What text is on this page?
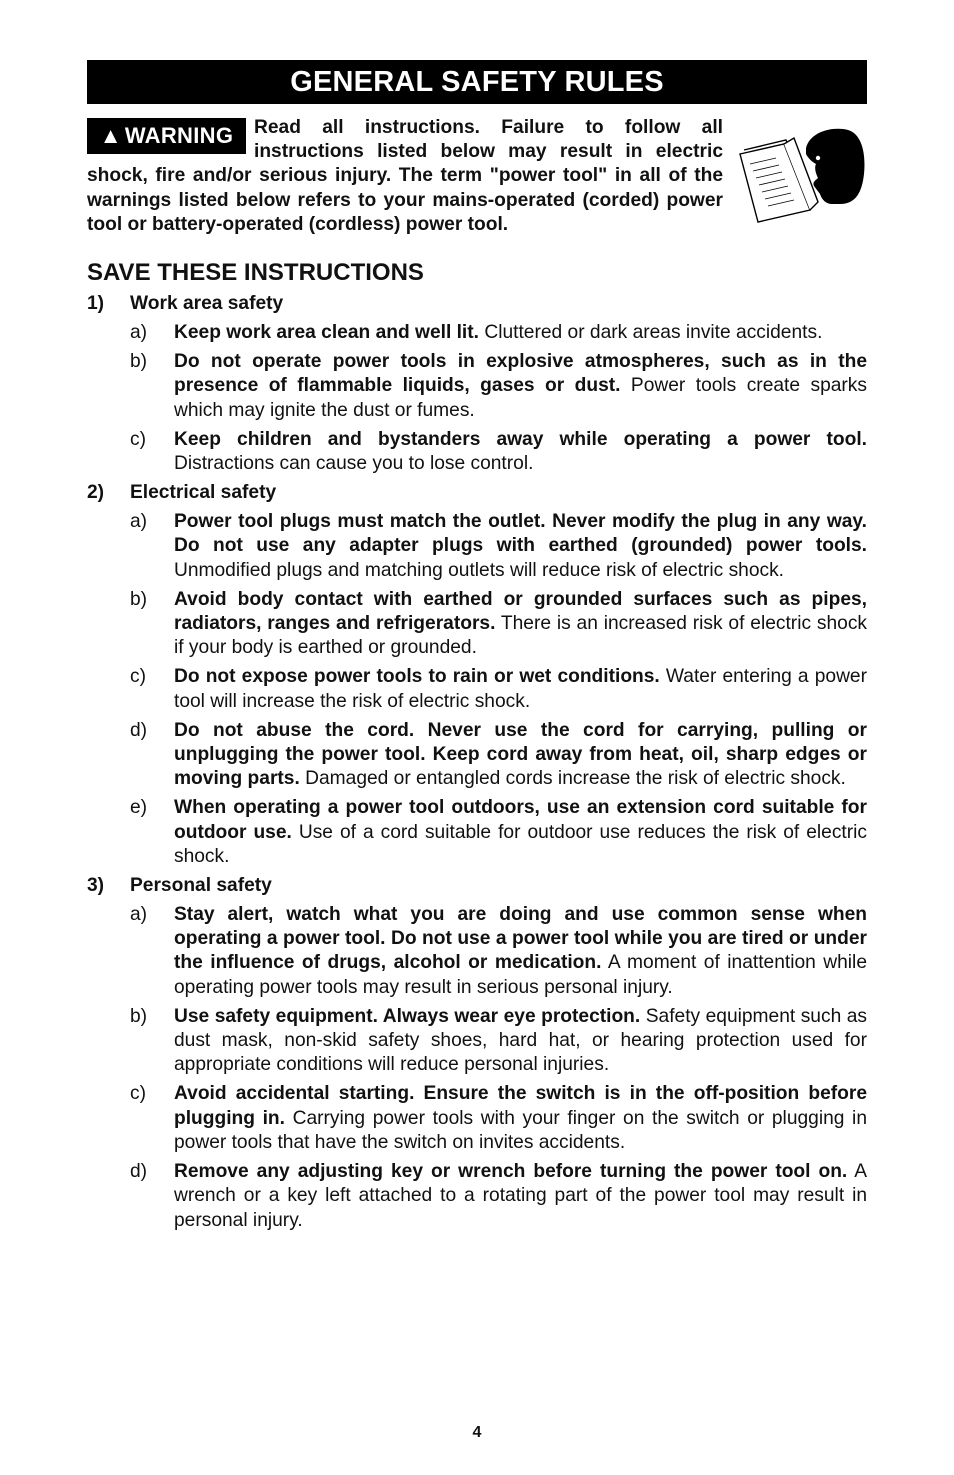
GENERAL SAFETY RULES
▲ WARNING Read all instructions. Failure to follow all instructions listed below may result in electric shock, fire and/or serious injury. The term "power tool" in all of the warnings listed below refers to your mains-operated (corded) power tool or battery-operated (cordless) power tool.
SAVE THESE INSTRUCTIONS
1)	Work area safety
a)	Keep work area clean and well lit. Cluttered or dark areas invite accidents.
b)	Do not operate power tools in explosive atmospheres, such as in the presence of flammable liquids, gases or dust. Power tools create sparks which may ignite the dust or fumes.
c)	Keep children and bystanders away while operating a power tool. Distractions can cause you to lose control.
2)	Electrical safety
a)	Power tool plugs must match the outlet. Never modify the plug in any way. Do not use any adapter plugs with earthed (grounded) power tools. Unmodified plugs and matching outlets will reduce risk of electric shock.
b)	Avoid body contact with earthed or grounded surfaces such as pipes, radiators, ranges and refrigerators. There is an increased risk of electric shock if your body is earthed or grounded.
c)	Do not expose power tools to rain or wet conditions. Water entering a power tool will increase the risk of electric shock.
d)	Do not abuse the cord. Never use the cord for carrying, pulling or unplugging the power tool. Keep cord away from heat, oil, sharp edges or moving parts. Damaged or entangled cords increase the risk of electric shock.
e)	When operating a power tool outdoors, use an extension cord suitable for outdoor use. Use of a cord suitable for outdoor use reduces the risk of electric shock.
3)	Personal safety
a)	Stay alert, watch what you are doing and use common sense when operating a power tool. Do not use a power tool while you are tired or under the influence of drugs, alcohol or medication. A moment of inattention while operating power tools may result in serious personal injury.
b)	Use safety equipment. Always wear eye protection. Safety equipment such as dust mask, non-skid safety shoes, hard hat, or hearing protection used for appropriate conditions will reduce personal injuries.
c)	Avoid accidental starting. Ensure the switch is in the off-position before plugging in. Carrying power tools with your finger on the switch or plugging in power tools that have the switch on invites accidents.
d)	Remove any adjusting key or wrench before turning the power tool on. A wrench or a key left attached to a rotating part of the power tool may result in personal injury.
4
